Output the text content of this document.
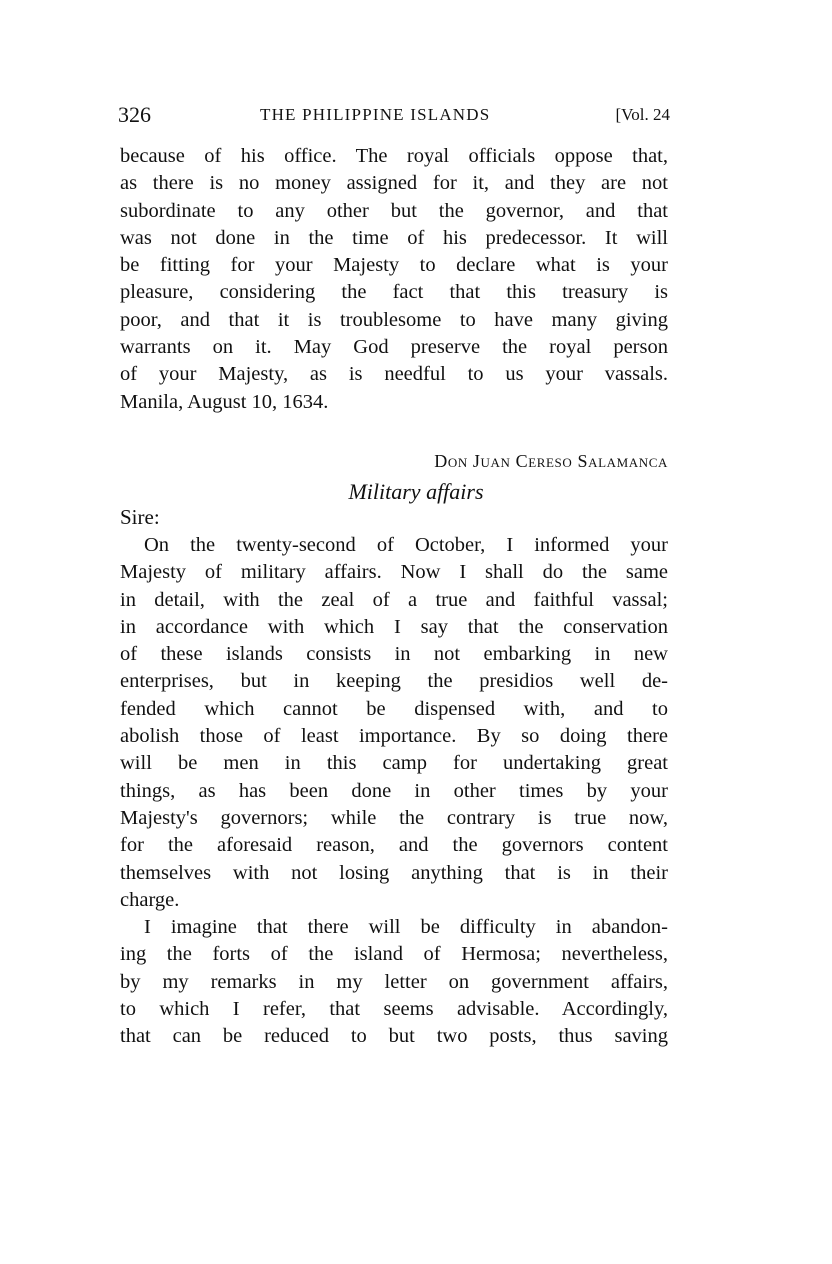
326	THE PHILIPPINE ISLANDS	[Vol. 24
because of his office. The royal officials oppose that,
as there is no money assigned for it, and they are not
subordinate to any other but the governor, and that
was not done in the time of his predecessor. It will
be fitting for your Majesty to declare what is your
pleasure, considering the fact that this treasury is
poor, and that it is troublesome to have many giving
warrants on it. May God preserve the royal person
of your Majesty, as is needful to us your vassals.
Manila, August 10, 1634.
Don Juan Cereso Salamanca
Military affairs
Sire:
On the twenty-second of October, I informed your
Majesty of military affairs. Now I shall do the same
in detail, with the zeal of a true and faithful vassal;
in accordance with which I say that the conservation
of these islands consists in not embarking in new
enterprises, but in keeping the presidios well de-
fended which cannot be dispensed with, and to
abolish those of least importance. By so doing there
will be men in this camp for undertaking great
things, as has been done in other times by your
Majesty's governors; while the contrary is true now,
for the aforesaid reason, and the governors content
themselves with not losing anything that is in their
charge.
I imagine that there will be difficulty in abandon-
ing the forts of the island of Hermosa; nevertheless,
by my remarks in my letter on government affairs,
to which I refer, that seems advisable. Accordingly,
that can be reduced to but two posts, thus saving
